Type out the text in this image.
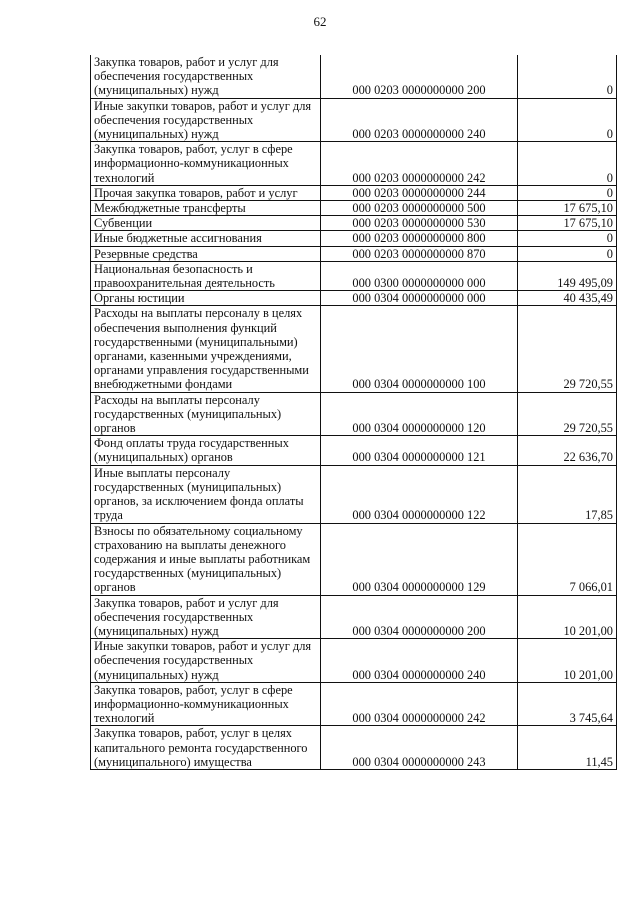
62
Закупка товаров, работ и услуг для обеспечения государственных (муниципальных) нужд	000 0203 0000000000 200	0
Иные закупки товаров, работ и услуг для обеспечения государственных (муниципальных) нужд	000 0203 0000000000 240	0
Закупка товаров, работ, услуг в сфере информационно-коммуникационных технологий	000 0203 0000000000 242	0
Прочая закупка товаров, работ и услуг	000 0203 0000000000 244	0
Межбюджетные трансферты	000 0203 0000000000 500	17 675,10
Субвенции	000 0203 0000000000 530	17 675,10
Иные бюджетные ассигнования	000 0203 0000000000 800	0
Резервные средства	000 0203 0000000000 870	0
Национальная безопасность и правоохранительная деятельность	000 0300 0000000000 000	149 495,09
Органы юстиции	000 0304 0000000000 000	40 435,49
Расходы на выплаты персоналу в целях обеспечения выполнения функций государственными (муниципальными) органами, казенными учреждениями, органами управления государственными внебюджетными фондами	000 0304 0000000000 100	29 720,55
Расходы на выплаты персоналу государственных (муниципальных) органов	000 0304 0000000000 120	29 720,55
Фонд оплаты труда государственных (муниципальных) органов	000 0304 0000000000 121	22 636,70
Иные выплаты персоналу государственных (муниципальных) органов, за исключением фонда оплаты труда	000 0304 0000000000 122	17,85
Взносы по обязательному социальному страхованию на выплаты денежного содержания и иные выплаты работникам государственных (муниципальных) органов	000 0304 0000000000 129	7 066,01
Закупка товаров, работ и услуг для обеспечения государственных (муниципальных) нужд	000 0304 0000000000 200	10 201,00
Иные закупки товаров, работ и услуг для обеспечения государственных (муниципальных) нужд	000 0304 0000000000 240	10 201,00
Закупка товаров, работ, услуг в сфере информационно-коммуникационных технологий	000 0304 0000000000 242	3 745,64
Закупка товаров, работ, услуг в целях капитального ремонта государственного (муниципального) имущества	000 0304 0000000000 243	11,45
